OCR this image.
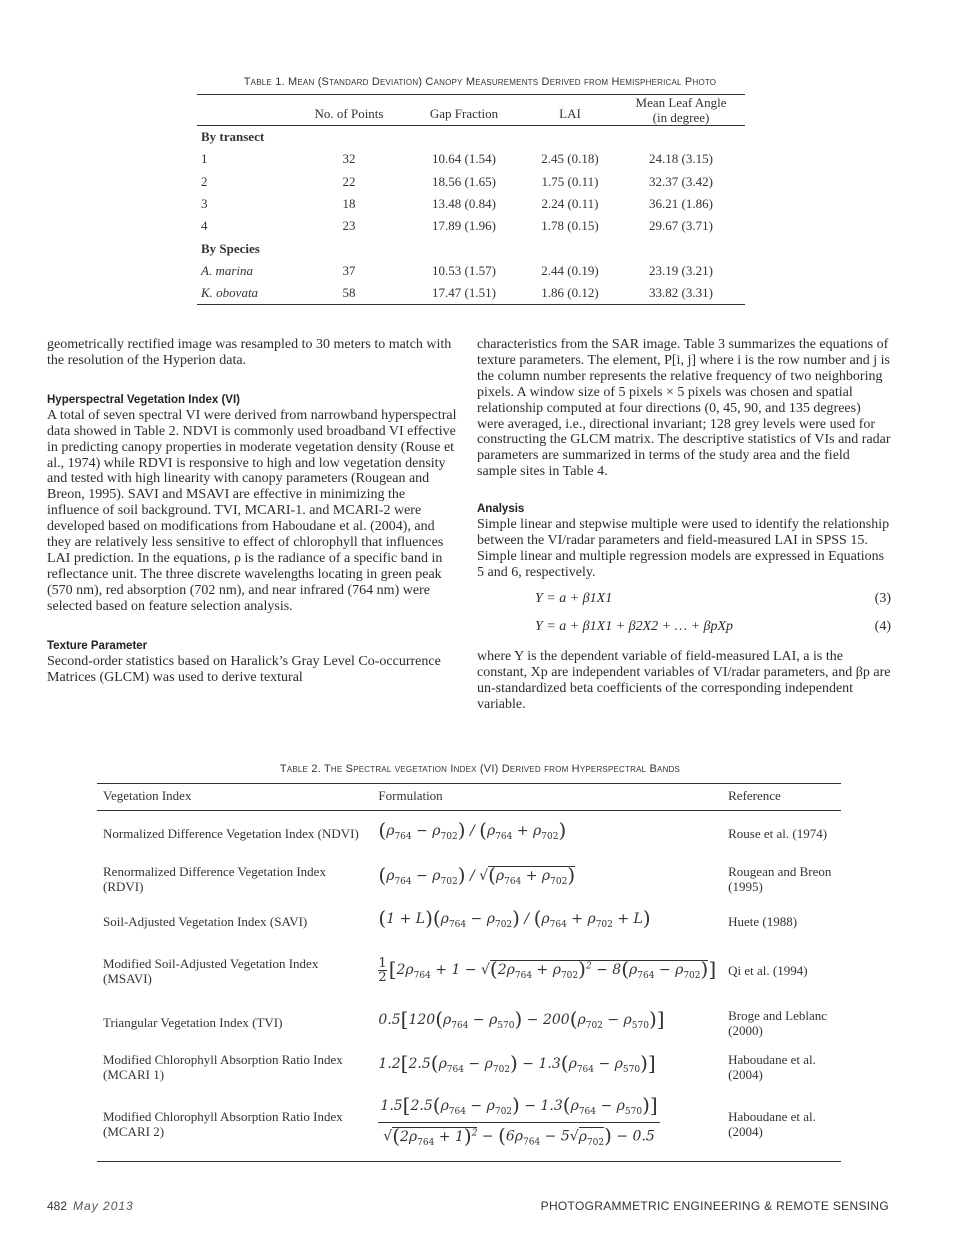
Table 1. Mean (Standard Deviation) Canopy Measurements Derived from Hemispherical Photo
	No. of Points	Gap Fraction	LAI	Mean Leaf Angle (in degree)
By transect				
1	32	10.64 (1.54)	2.45 (0.18)	24.18 (3.15)
2	22	18.56 (1.65)	1.75 (0.11)	32.37 (3.42)
3	18	13.48 (0.84)	2.24 (0.11)	36.21 (1.86)
4	23	17.89 (1.96)	1.78 (0.15)	29.67 (3.71)
By Species				
A. marina	37	10.53 (1.57)	2.44 (0.19)	23.19 (3.21)
K. obovata	58	17.47 (1.51)	1.86 (0.12)	33.82 (3.31)

geometrically rectified image was resampled to 30 meters to match with the resolution of the Hyperion data.

Hyperspectral Vegetation Index (VI)

A total of seven spectral VI were derived from narrowband hyperspectral data showed in Table 2. NDVI is commonly used broadband VI effective in predicting canopy properties in moderate vegetation density (Rouse et al., 1974) while RDVI is responsive to high and low vegetation density and tested with high linearity with canopy parameters (Rougean and Breon, 1995). SAVI and MSAVI are effective in minimizing the influence of soil background. TVI, MCARI-1. and MCARI-2 were developed based on modifications from Haboudane et al. (2004), and they are relatively less sensitive to effect of chlorophyll that influences LAI prediction. In the equations, ρ is the radiance of a specific band in reflectance unit. The three discrete wavelengths locating in green peak (570 nm), red absorption (702 nm), and near infrared (764 nm) were selected based on feature selection analysis.

Texture Parameter

Second-order statistics based on Haralick’s Gray Level Co-occurrence Matrices (GLCM) was used to derive textural

characteristics from the SAR image. Table 3 summarizes the equations of texture parameters. The element, P[i, j] where i is the row number and j is the column number represents the relative frequency of two neighboring pixels. A window size of 5 pixels × 5 pixels was chosen and spatial relationship computed at four directions (0, 45, 90, and 135 degrees) were averaged, i.e., directional invariant; 128 grey levels were used for constructing the GLCM matrix. The descriptive statistics of VIs and radar parameters are summarized in terms of the study area and the field sample sites in Table 4.

Analysis

Simple linear and stepwise multiple were used to identify the relationship between the VI/radar parameters and field-measured LAI in SPSS 15. Simple linear and multiple regression models are expressed in Equations 5 and 6, respectively.

Y = a + β1X1	(3)
Y = a + β1X1 + β2X2 + … + βpXp	(4)

where Y is the dependent variable of field-measured LAI, a is the constant, Xp are independent variables of VI/radar parameters, and βp are un-standardized beta coefficients of the corresponding independent variable.

Table 2. The Spectral vegetation Index (VI) Derived from Hyperspectral Bands
Vegetation Index	Formulation	Reference
Normalized Difference Vegetation Index (NDVI)	$(\rho_{764} - \rho_{702}) / (\rho_{764} + \rho_{702})$	Rouse et al. (1974)
Renormalized Difference Vegetation Index (RDVI)	$(\rho_{764} - \rho_{702}) / √(\rho_{764} + \rho_{702})$	Rougean and Breon (1995)
Soil-Adjusted Vegetation Index (SAVI)	$(1 + L)(\rho_{764} - \rho_{702}) / (\rho_{764} + \rho_{702} + L)$	Huete (1988)
Modified Soil-Adjusted Vegetation Index (MSAVI)	$\frac{1}{2} [2\rho_{764} + 1 - √(2\rho_{764} + \rho_{702})^2 - 8(\rho_{764} - \rho_{702})]$	Qi et al. (1994)
Triangular Vegetation Index (TVI)	$0.5[120(\rho_{764} - \rho_{570}) - 200(\rho_{702} - \rho_{570})]$	Broge and Leblanc (2000)
Modified Chlorophyll Absorption Ratio Index (MCARI 1)	$1.2[2.5(\rho_{764} - \rho_{702}) - 1.3(\rho_{764} - \rho_{570})]$	Haboudane et al. (2004)
Modified Chlorophyll Absorption Ratio Index (MCARI 2)	$\frac{1.5[2.5(\rho_{764} - \rho_{702}) - 1.3(\rho_{764} - \rho_{570})]}{√(2\rho_{764} + 1)^2 - (6\rho_{764} - 5√\rho_{702}) - 0.5}$	Haboudane et al. (2004)
482 May 2013	PHOTOGRAMMETRIC ENGINEERING & REMOTE SENSING
